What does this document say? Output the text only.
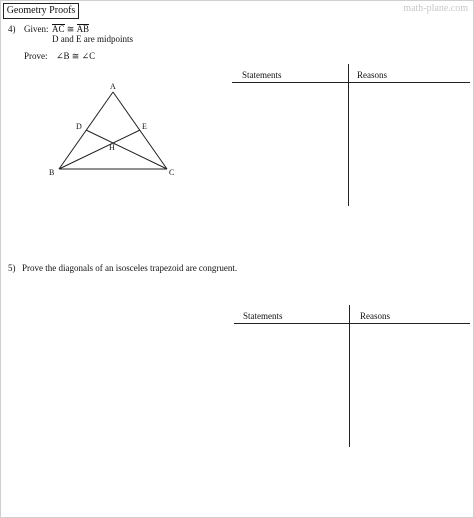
Geometry Proofs	math-plane.com
4) Given: AC ≅ AB
D and E are midpoints
Prove: ∠B ≅ ∠C
A
B	C
D	E
H
Statements	Reasons
5) Prove the diagonals of an isosceles trapezoid are congruent.
Statements	Reasons
